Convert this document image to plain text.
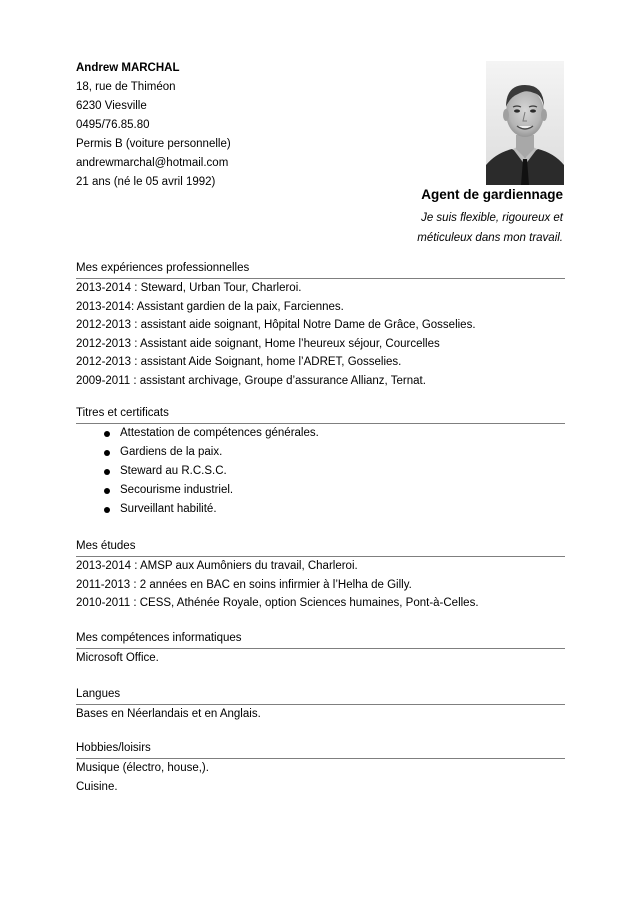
Andrew MARCHAL
18, rue de Thiméon
6230 Viesville
0495/76.85.80
Permis B (voiture personnelle)
andrewmarchal@hotmail.com
21 ans (né le 05 avril 1992)
Agent de gardiennage
Je suis flexible, rigoureux et
méticuleux dans mon travail.
Mes expériences professionnelles
2013-2014 : Steward, Urban Tour, Charleroi.
2013-2014: Assistant gardien de la paix, Farciennes.
2012-2013 : assistant aide soignant, Hôpital Notre Dame de Grâce, Gosselies.
2012-2013 : Assistant aide soignant, Home l’heureux séjour, Courcelles
2012-2013 : assistant Aide Soignant, home l’ADRET, Gosselies.
2009-2011 : assistant archivage, Groupe d’assurance Allianz, Ternat.
Titres et certificats
Attestation de compétences générales.
Gardiens de la paix.
Steward au R.C.S.C.
Secourisme industriel.
Surveillant habilité.
Mes études
2013-2014 : AMSP aux Aumôniers du travail, Charleroi.
2011-2013 : 2 années en BAC en soins infirmier à l’Helha de Gilly.
2010-2011 : CESS, Athénée Royale, option Sciences humaines, Pont-à-Celles.
Mes compétences informatiques
Microsoft Office.
Langues
Bases en Néerlandais et en Anglais.
Hobbies/loisirs
Musique (électro, house,).
Cuisine.
